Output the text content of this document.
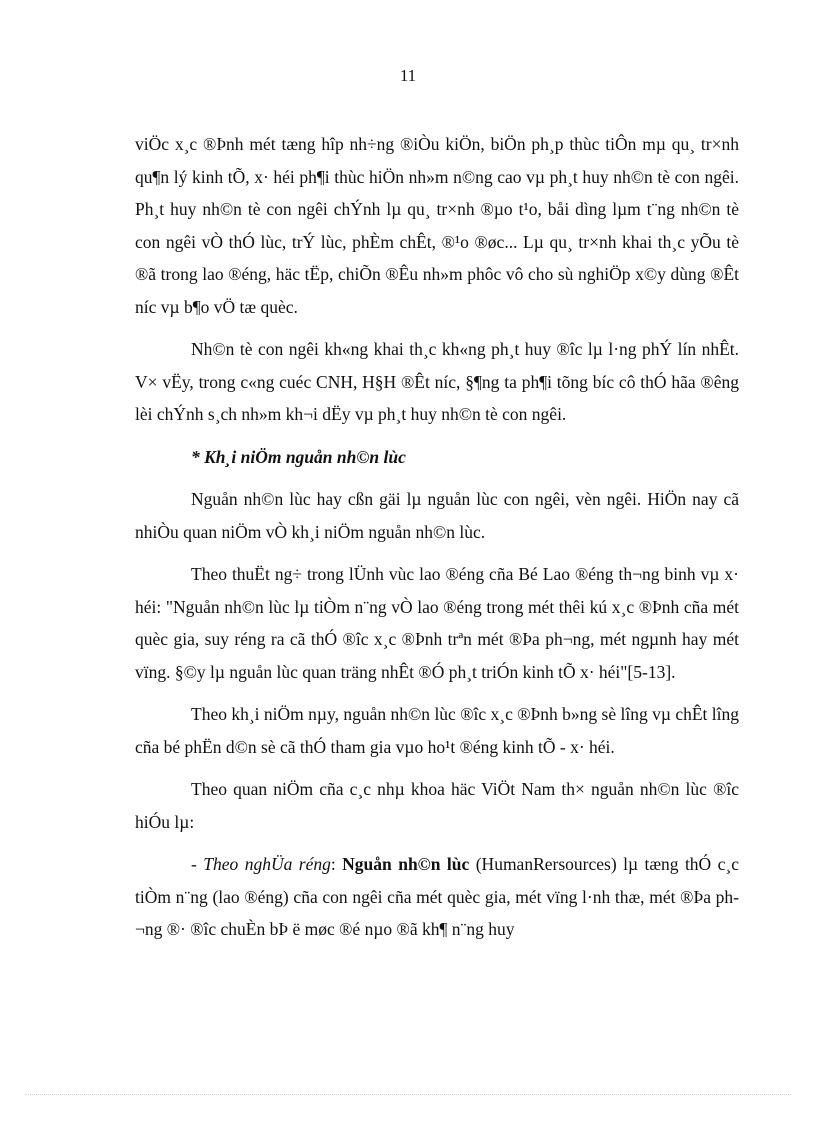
11

viÖc x¸c ®Þnh mét tæng hîp nh÷ng ®iÒu kiÖn, biÖn ph¸p thùc tiÔn mµ qu¸ tr×nh qu¶n lý kinh tÕ, x· héi ph¶i thùc hiÖn nh»m n©ng cao vµ ph¸t huy nh©n tè con ngêi. Ph¸t huy nh©n tè con ngêi chÝnh lµ qu¸ tr×nh ®µo t¹o, båi dìng lµm t¨ng nh©n tè con ngêi vÒ thÓ lùc, trÝ lùc, phÈm chÊt, ®¹o ®øc... Lµ qu¸ tr×nh khai th¸c yÕu tè ®ã trong lao ®éng, häc tËp, chiÕn ®Êu nh»m phôc vô cho sù nghiÖp x©y dùng ®Êt níc vµ b¶o vÖ tæ quèc.

Nh©n tè con ngêi kh«ng khai th¸c kh«ng ph¸t huy ®îc lµ l·ng phÝ lín nhÊt. V× vËy, trong c«ng cuéc CNH, H§H ®Êt níc, §¶ng ta ph¶i tõng bíc cô thÓ hãa ®êng lèi chÝnh s¸ch nh»m kh¬i dËy vµ ph¸t huy nh©n tè con ngêi.

* Kh¸i niÖm nguån nh©n lùc

Nguån nh©n lùc hay cßn gäi lµ nguån lùc con ngêi, vèn ngêi. HiÖn nay cã nhiÒu quan niÖm vÒ kh¸i niÖm nguån nh©n lùc.

Theo thuËt ng÷ trong lÜnh vùc lao ®éng cña Bé Lao ®éng th¬ng binh vµ x· héi: "Nguån nh©n lùc lµ tiÒm n¨ng vÒ lao ®éng trong mét thêi kú x¸c ®Þnh cña mét quèc gia, suy réng ra cã thÓ ®îc x¸c ®Þnh trªn mét ®Þa ph¬ng, mét ngµnh hay mét vïng. §©y lµ nguån lùc quan träng nhÊt ®Ó ph¸t triÓn kinh tÕ x· héi"[5-13].

Theo kh¸i niÖm nµy, nguån nh©n lùc ®îc x¸c ®Þnh b»ng sè lîng vµ chÊt lîng cña bé phËn d©n sè cã thÓ tham gia vµo ho¹t ®éng kinh tÕ - x· héi.

Theo quan niÖm cña c¸c nhµ khoa häc ViÖt Nam th× nguån nh©n lùc ®îc hiÓu lµ:

- Theo nghÜa réng: Nguån nh©n lùc (HumanRersources) lµ tæng thÓ c¸c tiÒm n¨ng (lao ®éng) cña con ngêi cña mét quèc gia, mét vïng l·nh thæ, mét ®Þa ph¬ng ®· ®îc chuÈn bÞ ë møc ®é nµo ®ã kh¶ n¨ng huy
